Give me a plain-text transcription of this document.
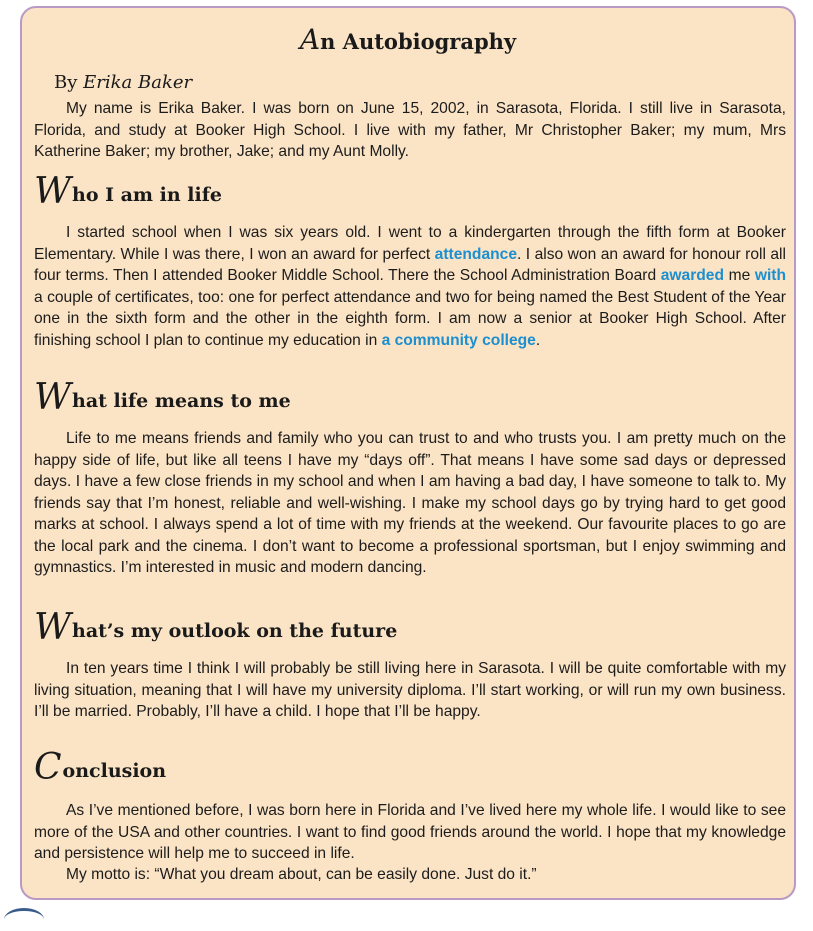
An Autobiography
By Erika Baker

My name is Erika Baker. I was born on June 15, 2002, in Sarasota, Florida. I still live in Sarasota, Florida, and study at Booker High School. I live with my father, Mr Christopher Baker; my mum, Mrs Katherine Baker; my brother, Jake; and my Aunt Molly.

Who I am in life

I started school when I was six years old. I went to a kindergarten through the fifth form at Booker Elementary. While I was there, I won an award for perfect attendance. I also won an award for honour roll all four terms. Then I attended Booker Middle School. There the School Administration Board awarded me with a couple of certificates, too: one for perfect attendance and two for being named the Best Student of the Year one in the sixth form and the other in the eighth form. I am now a senior at Booker High School. After finishing school I plan to continue my education in a community college.

What life means to me

Life to me means friends and family who you can trust to and who trusts you. I am pretty much on the happy side of life, but like all teens I have my “days off”. That means I have some sad days or depressed days. I have a few close friends in my school and when I am having a bad day, I have someone to talk to. My friends say that I’m honest, reliable and well-wishing. I make my school days go by trying hard to get good marks at school. I always spend a lot of time with my friends at the weekend. Our favourite places to go are the local park and the cinema. I don’t want to become a professional sportsman, but I enjoy swimming and gymnastics. I’m interested in music and modern dancing.

What’s my outlook on the future

In ten years time I think I will probably be still living here in Sarasota. I will be quite comfortable with my living situation, meaning that I will have my university diploma. I’ll start working, or will run my own business. I’ll be married. Probably, I’ll have a child. I hope that I’ll be happy.

Conclusion

As I’ve mentioned before, I was born here in Florida and I’ve lived here my whole life. I would like to see more of the USA and other countries. I want to find good friends around the world. I hope that my knowledge and persistence will help me to succeed in life.

My motto is: “What you dream about, can be easily done. Just do it.”
